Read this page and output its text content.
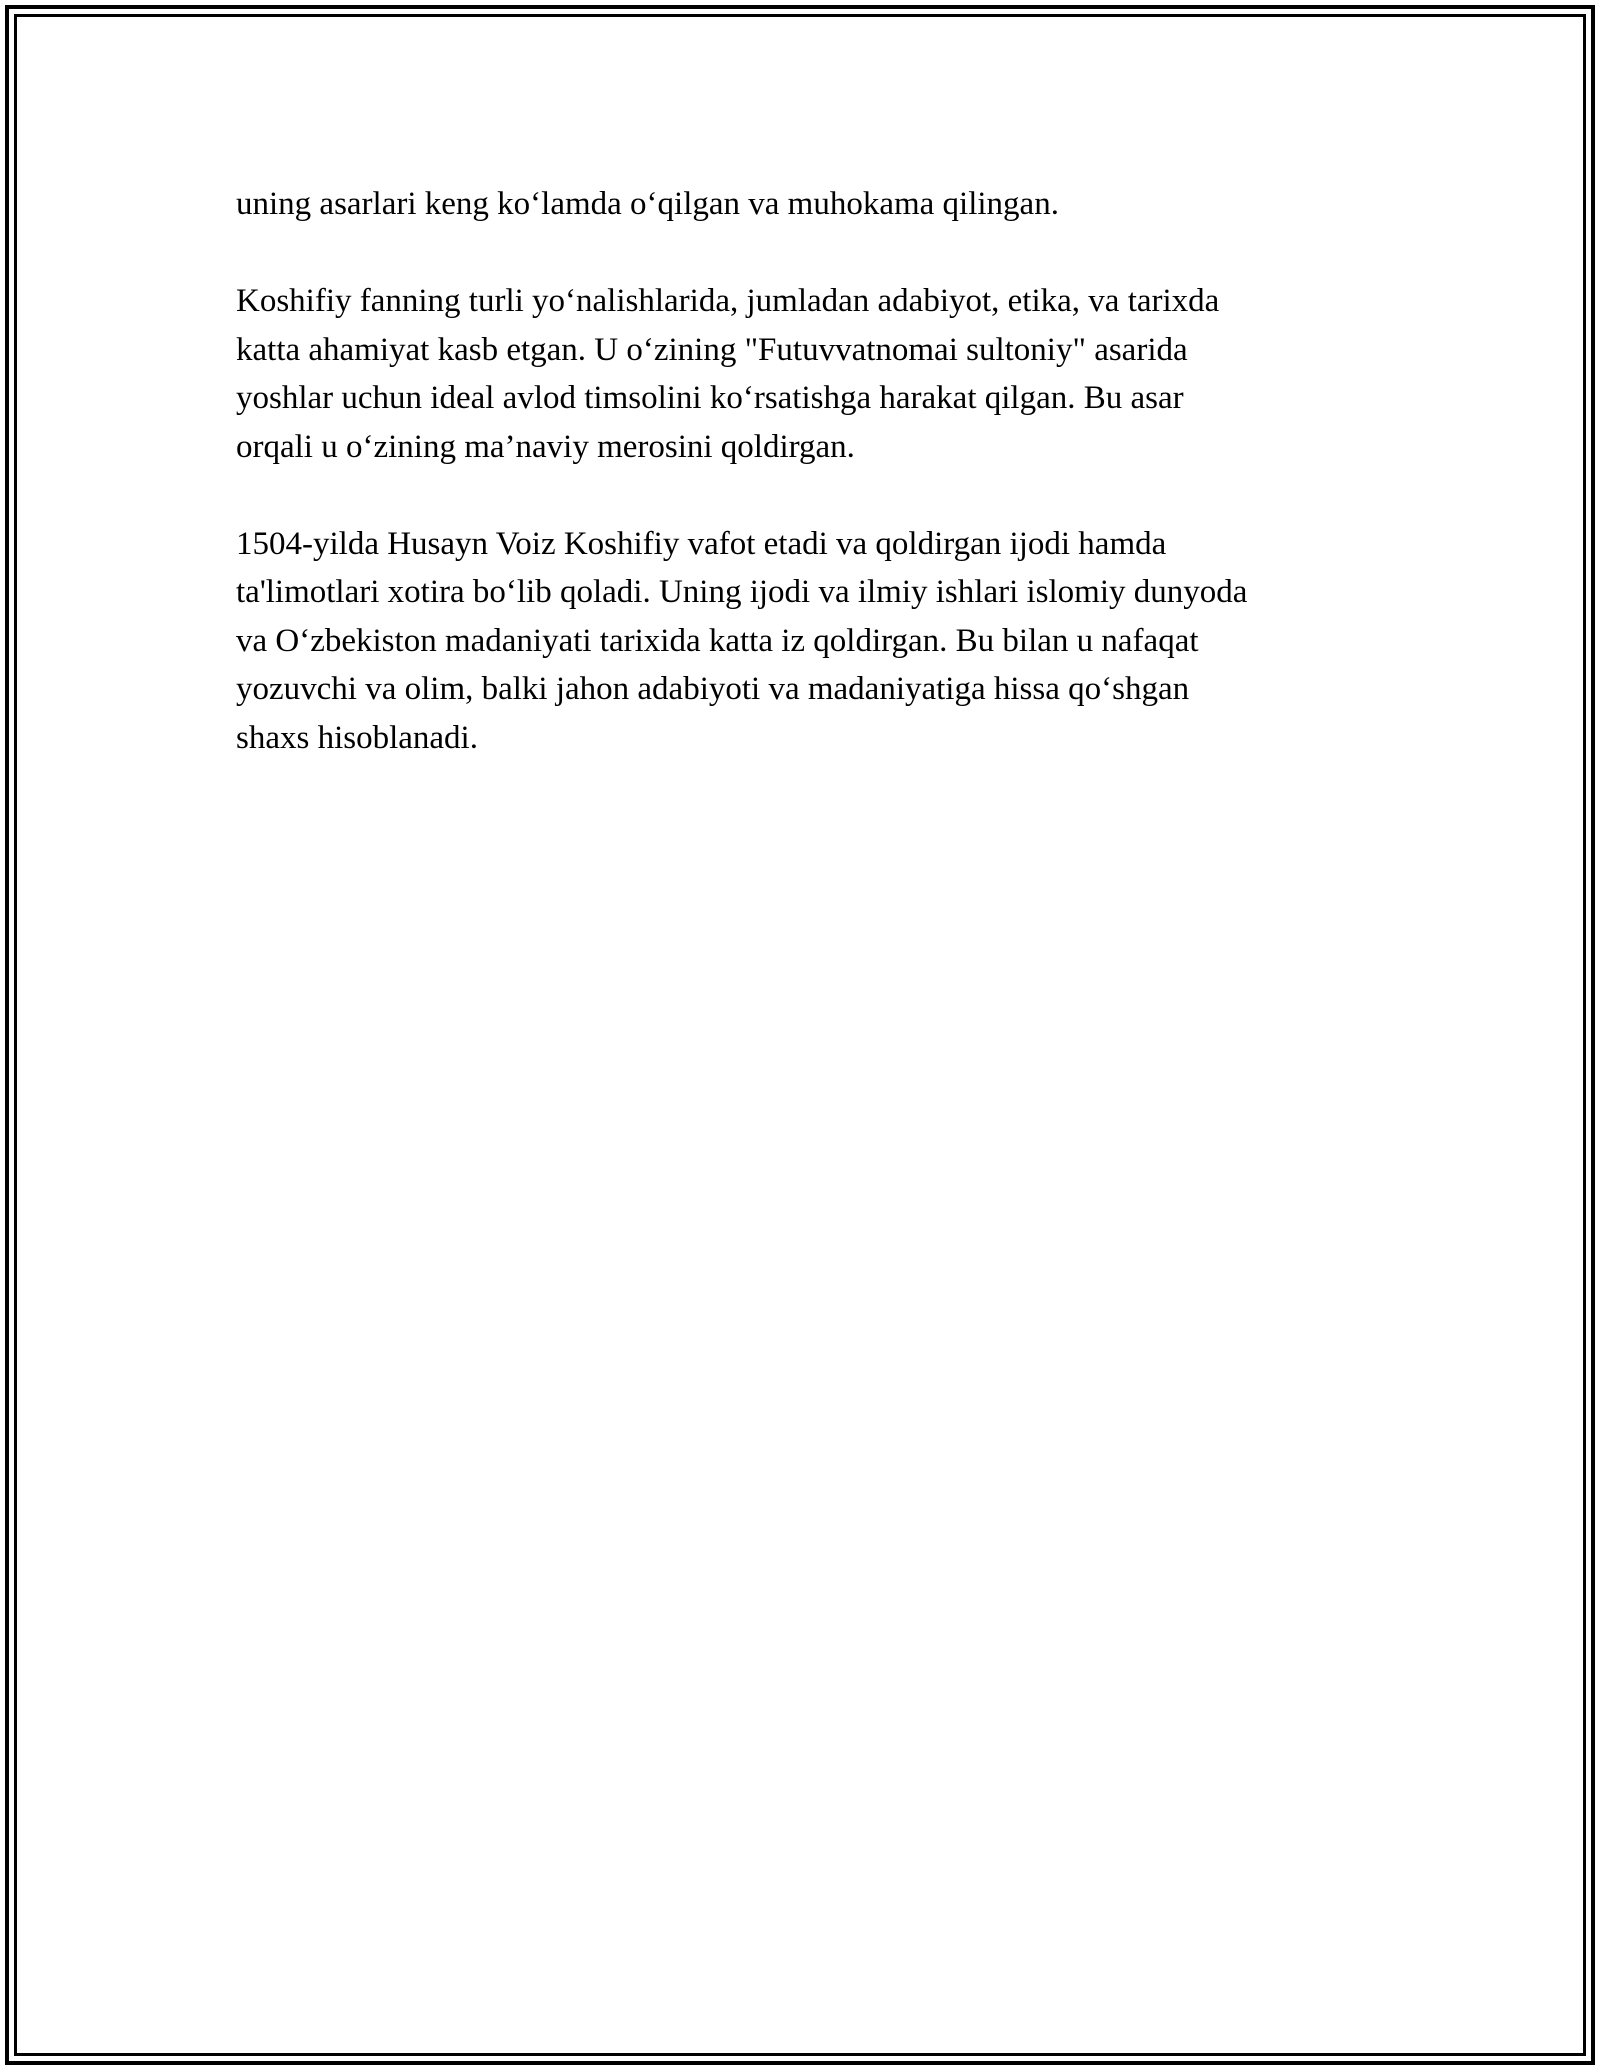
uning asarlari keng ko‘lamda o‘qilgan va muhokama qilingan.

Koshifiy fanning turli yo‘nalishlarida, jumladan adabiyot, etika, va tarixda
katta ahamiyat kasb etgan. U o‘zining "Futuvvatnomai sultoniy" asarida
yoshlar uchun ideal avlod timsolini ko‘rsatishga harakat qilgan. Bu asar
orqali u o‘zining ma’naviy merosini qoldirgan.

1504-yilda Husayn Voiz Koshifiy vafot etadi va qoldirgan ijodi hamda
ta'limotlari xotira bo‘lib qoladi. Uning ijodi va ilmiy ishlari islomiy dunyoda
va O‘zbekiston madaniyati tarixida katta iz qoldirgan. Bu bilan u nafaqat
yozuvchi va olim, balki jahon adabiyoti va madaniyatiga hissa qo‘shgan
shaxs hisoblanadi.
